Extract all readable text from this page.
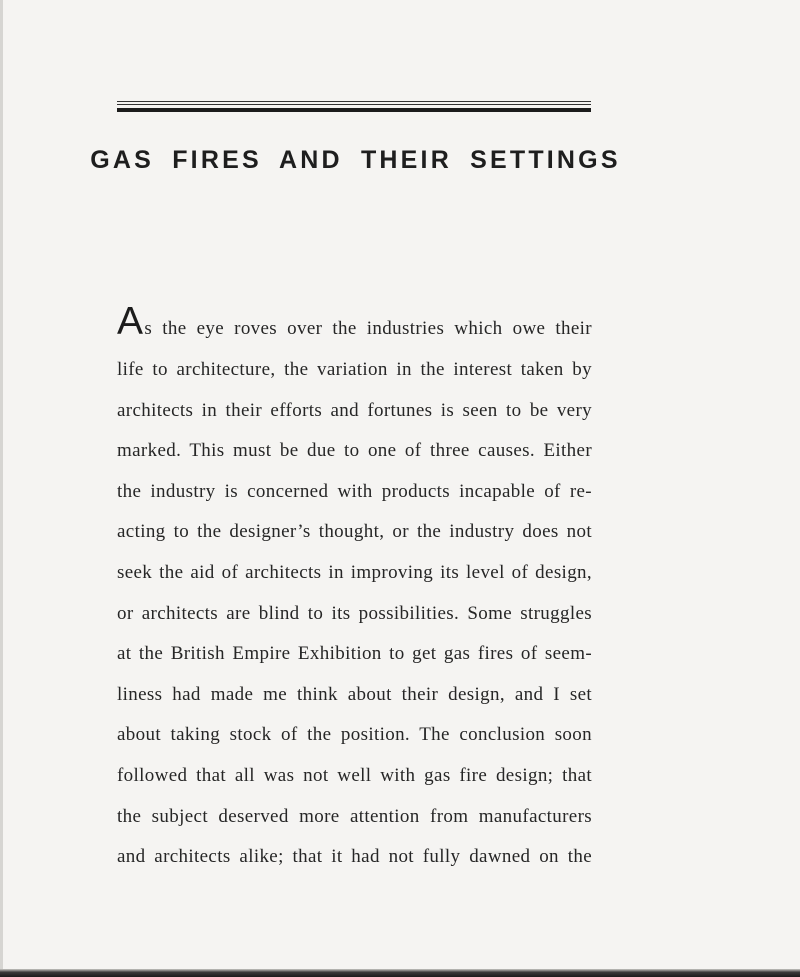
GAS FIRES AND THEIR SETTINGS
As the eye roves over the industries which owe their
life to architecture, the variation in the interest taken by
architects in their efforts and fortunes is seen to be very
marked. This must be due to one of three causes. Either
the industry is concerned with products incapable of re-
acting to the designer’s thought, or the industry does not
seek the aid of architects in improving its level of design,
or architects are blind to its possibilities. Some struggles
at the British Empire Exhibition to get gas fires of seem-
liness had made me think about their design, and I set
about taking stock of the position. The conclusion soon
followed that all was not well with gas fire design; that
the subject deserved more attention from manufacturers
and architects alike; that it had not fully dawned on the
